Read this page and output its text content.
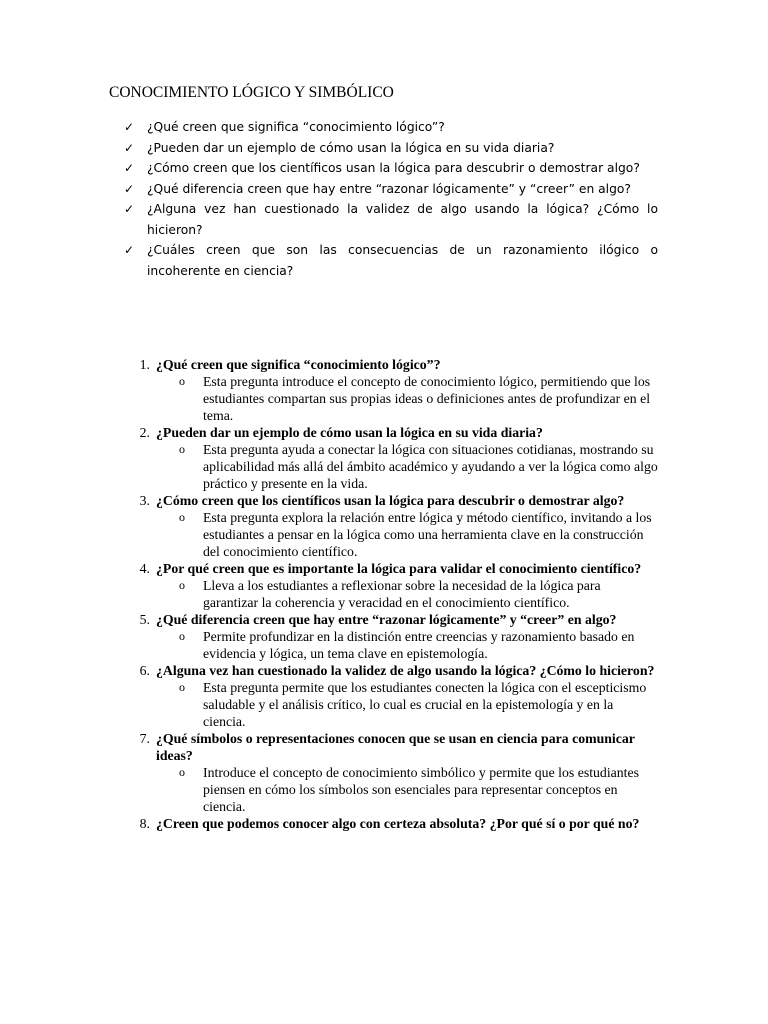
CONOCIMIENTO LÓGICO Y SIMBÓLICO
✓ ¿Qué creen que significa “conocimiento lógico”?
✓ ¿Pueden dar un ejemplo de cómo usan la lógica en su vida diaria?
✓ ¿Cómo creen que los científicos usan la lógica para descubrir o demostrar algo?
✓ ¿Qué diferencia creen que hay entre “razonar lógicamente” y “creer” en algo?
✓ ¿Alguna vez han cuestionado la validez de algo usando la lógica? ¿Cómo lo hicieron?
✓ ¿Cuáles creen que son las consecuencias de un razonamiento ilógico o incoherente en ciencia?
1. ¿Qué creen que significa “conocimiento lógico”?
o Esta pregunta introduce el concepto de conocimiento lógico, permitiendo que los estudiantes compartan sus propias ideas o definiciones antes de profundizar en el tema.
2. ¿Pueden dar un ejemplo de cómo usan la lógica en su vida diaria?
o Esta pregunta ayuda a conectar la lógica con situaciones cotidianas, mostrando su aplicabilidad más allá del ámbito académico y ayudando a ver la lógica como algo práctico y presente en la vida.
3. ¿Cómo creen que los científicos usan la lógica para descubrir o demostrar algo?
o Esta pregunta explora la relación entre lógica y método científico, invitando a los estudiantes a pensar en la lógica como una herramienta clave en la construcción del conocimiento científico.
4. ¿Por qué creen que es importante la lógica para validar el conocimiento científico?
o Lleva a los estudiantes a reflexionar sobre la necesidad de la lógica para garantizar la coherencia y veracidad en el conocimiento científico.
5. ¿Qué diferencia creen que hay entre “razonar lógicamente” y “creer” en algo?
o Permite profundizar en la distinción entre creencias y razonamiento basado en evidencia y lógica, un tema clave en epistemología.
6. ¿Alguna vez han cuestionado la validez de algo usando la lógica? ¿Cómo lo hicieron?
o Esta pregunta permite que los estudiantes conecten la lógica con el escepticismo saludable y el análisis crítico, lo cual es crucial en la epistemología y en la ciencia.
7. ¿Qué símbolos o representaciones conocen que se usan en ciencia para comunicar ideas?
o Introduce el concepto de conocimiento simbólico y permite que los estudiantes piensen en cómo los símbolos son esenciales para representar conceptos en ciencia.
8. ¿Creen que podemos conocer algo con certeza absoluta? ¿Por qué sí o por qué no?
